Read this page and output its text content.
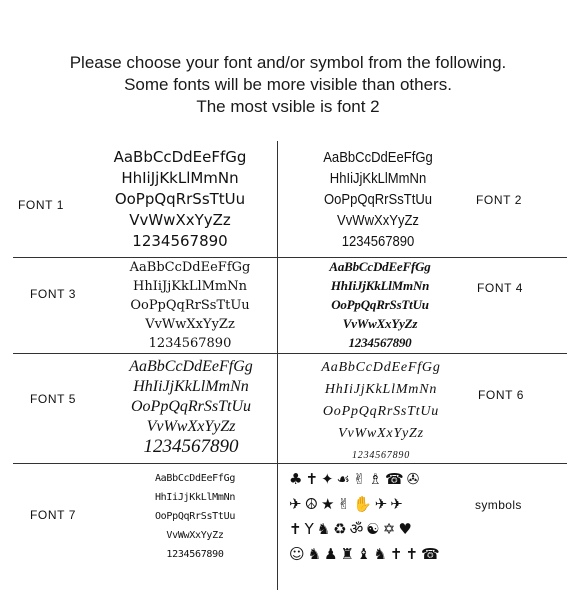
Please choose your font and/or symbol from the following.
Some fonts will be more visible than others.
The most vsible is font 2
FONT 1
AaBbCcDdEeFfGg
HhIiJjKkLlMmNn
OoPpQqRrSsTtUu
VvWwXxYyZz
1234567890
FONT 2
AaBbCcDdEeFfGg
HhIiJjKkLlMmNn
OoPpQqRrSsTtUu
VvWwXxYyZz
1234567890
FONT 3
AaBbCcDdEeFfGg
HhIiJjKkLlMmNn
OoPpQqRrSsTtUu
VvWwXxYyZz
1234567890
FONT 4
AaBbCcDdEeFfGg
HhIiJjKkLlMmNn
OoPpQqRrSsTtUu
VvWwXxYyZz
1234567890
FONT 5
AaBbCcDdEeFfGg
HhIiJjKkLlMmNn
OoPpQqRrSsTtUu
VvWwXxYyZz
1234567890
FONT 6
AaBbCcDdEeFfGg
HhIiJjKkLlMmNn
OoPpQqRrSsTtUu
VvWwXxYyZz
1234567890
FONT 7
AaBbCcDdEeFfGg
HhIiJjKkLlMmNn
OoPpQqRrSsTtUu
VvWwXxYyZz
1234567890
symbols
♣✝✦☙✌♗☎✇
✈☮★✌✋✈✈
✝Y♞♻ॐ☯✡♥
☺♞♟♜♝♞✝✝☎
